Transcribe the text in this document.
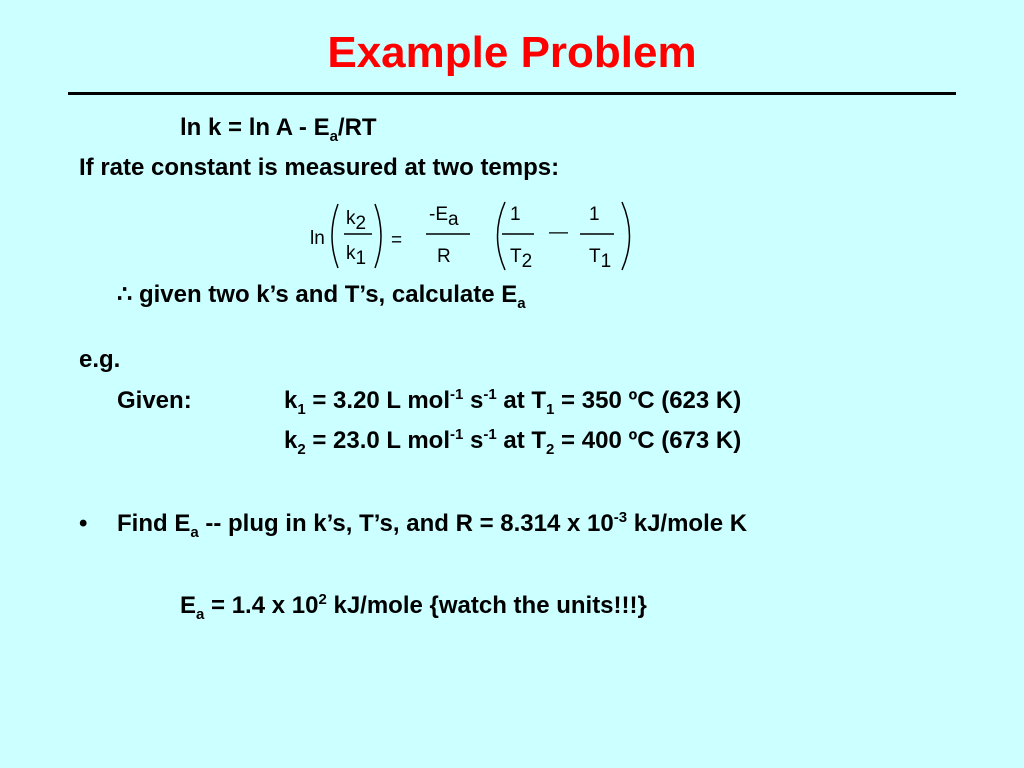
Example Problem
$\ln k = \ln A - E_a/RT$
If rate constant is measured at two temps:
ln
k2
k1
=
-Ea
R
1
T2
—
1
T1
∴ given two k’s and T’s, calculate $E_a$
e.g.
Given:	$k_1 = 3.20$ L mol$^{-1}$ $s^{-1}$ at $T_1 = 350$ ºC (623 K)
$k_2 = 23.0$ L mol$^{-1}$ $s^{-1}$ at $T_2 = 400$ ºC (673 K)
• Find $E_a$ -- plug in k’s, T’s, and R = 8.314 x $10^{-3}$ kJ/mole K
$E_a = 1.4$ x $10^2$ kJ/mole {watch the units!!!}
